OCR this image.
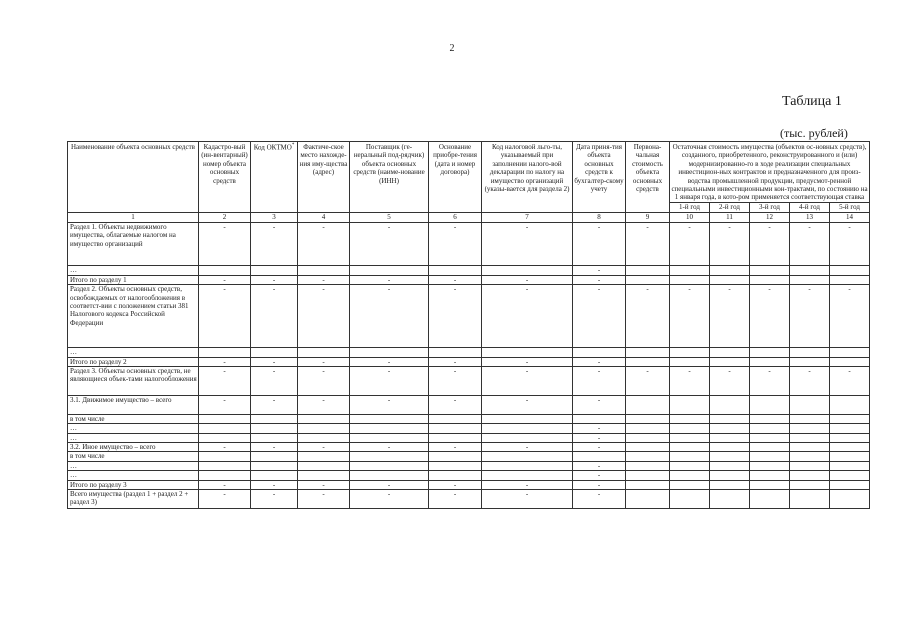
2
Таблица 1
(тыс. рублей)
Наименование объекта основных средств	Кадастро-вый (ин-вентарный) номер объекта основных средств	Код ОКТМО*	Фактиче-ское место нахожде-ния иму-щества (адрес)	Поставщик (ге-неральный под-рядчик) объекта основных средств (наиме-нование (ИНН)	Основание приобре-тения (дата и номер договора)	Код налоговой льго-ты, указываемый при заполнении налого-вой декларации по налогу на имущество организаций (указы-вается для раздела 2)	Дата приня-тия объекта основных средств к бухгалтер-скому учету	Первона-чальная стоимость объекта основных средств	Остаточная стоимость имущества (объектов ос-новных средств), созданного, приобретенного, реконструированного и (или) модернизированно-го в ходе реализации специальных инвестицион-ных контрактов и предназначенного для произ-водства промышленной продукции, предусмот-ренной специальными инвестиционными кон-трактами, по состоянию на 1 января года, в кото-ром применяется соответствующая ставка				
									1-й год	2-й год	3-й год	4-й год	5-й год
1	2	3	4	5	6	7	8	9	10	11	12	13	14
Раздел 1. Объекты недвижимого имущества, облагаемые налогом на имущество организаций	-	-	-	-	-	-	-	-	-	-	-	-	-
…							-						
Итого по разделу 1	-	-	-	-	-	-	-						
Раздел 2. Объекты основных средств, освобождаемых от налогообложения в соответст-вии с положением статьи 381 Налогового кодекса Российской Федерации	-	-	-	-	-	-	-	-	-	-	-	-	-
…													
Итого по разделу 2	-	-	-	-	-	-	-						
Раздел 3. Объекты основных средств, не являющиеся объек-тами налогообложения	-	-	-	-	-	-	-	-	-	-	-	-	-
3.1. Движимое имущество – всего	-	-	-	-	-	-	-						
в том числе													
…							-						
…							-						
3.2. Иное имущество – всего	-	-	-	-	-	-	-						
в том числе													
…							-						
…							-						
Итого по разделу 3	-	-	-	-	-	-	-						
Всего имущества (раздел 1 + раздел 2 + раздел 3)	-	-	-	-	-	-	-						
